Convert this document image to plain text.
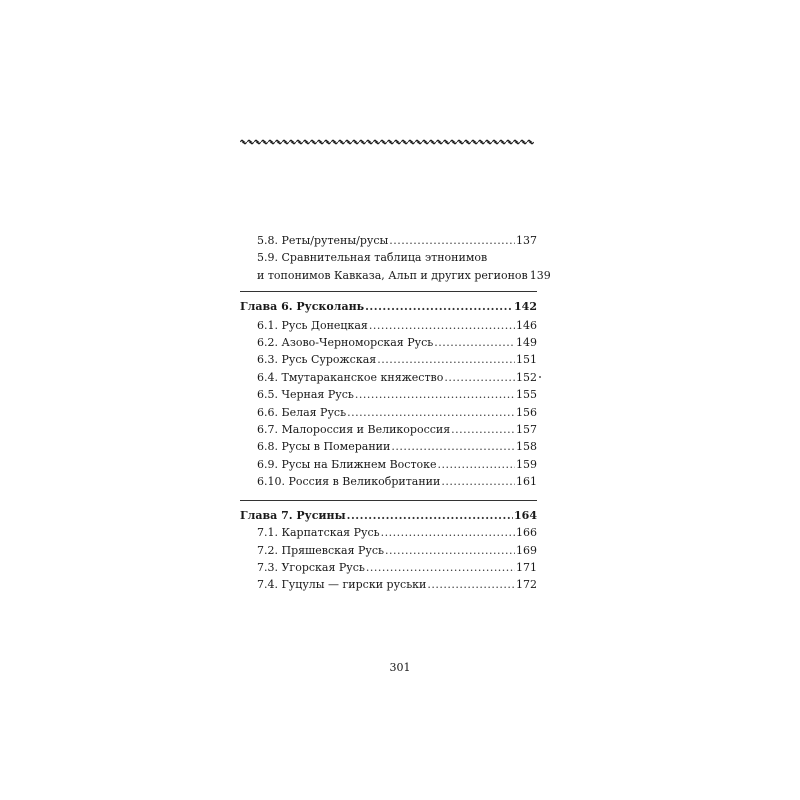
5.8. Реты/рутены/русы .....	137
5.9. Сравнительная таблица этнонимов
и топонимов Кавказа, Альп и других регионов 139
Глава 6. Русколань .....	142
6.1. Русь Донецкая .....	146
6.2. Азово-Черноморская Русь .....	149
6.3. Русь Сурожская .....	151
6.4. Тмутараканское княжество .....	152
6.5. Черная Русь .....	155
6.6. Белая Русь .....	156
6.7. Малороссия и Великороссия .....	157
6.8. Русы в Померании .....	158
6.9. Русы на Ближнем Востоке .....	159
6.10. Россия в Великобритании .....	161
Глава 7. Русины .....	164
7.1. Карпатская Русь .....	166
7.2. Пряшевская Русь .....	169
7.3. Угорская Русь .....	171
7.4. Гуцулы — гирски руськи .....	172
301
